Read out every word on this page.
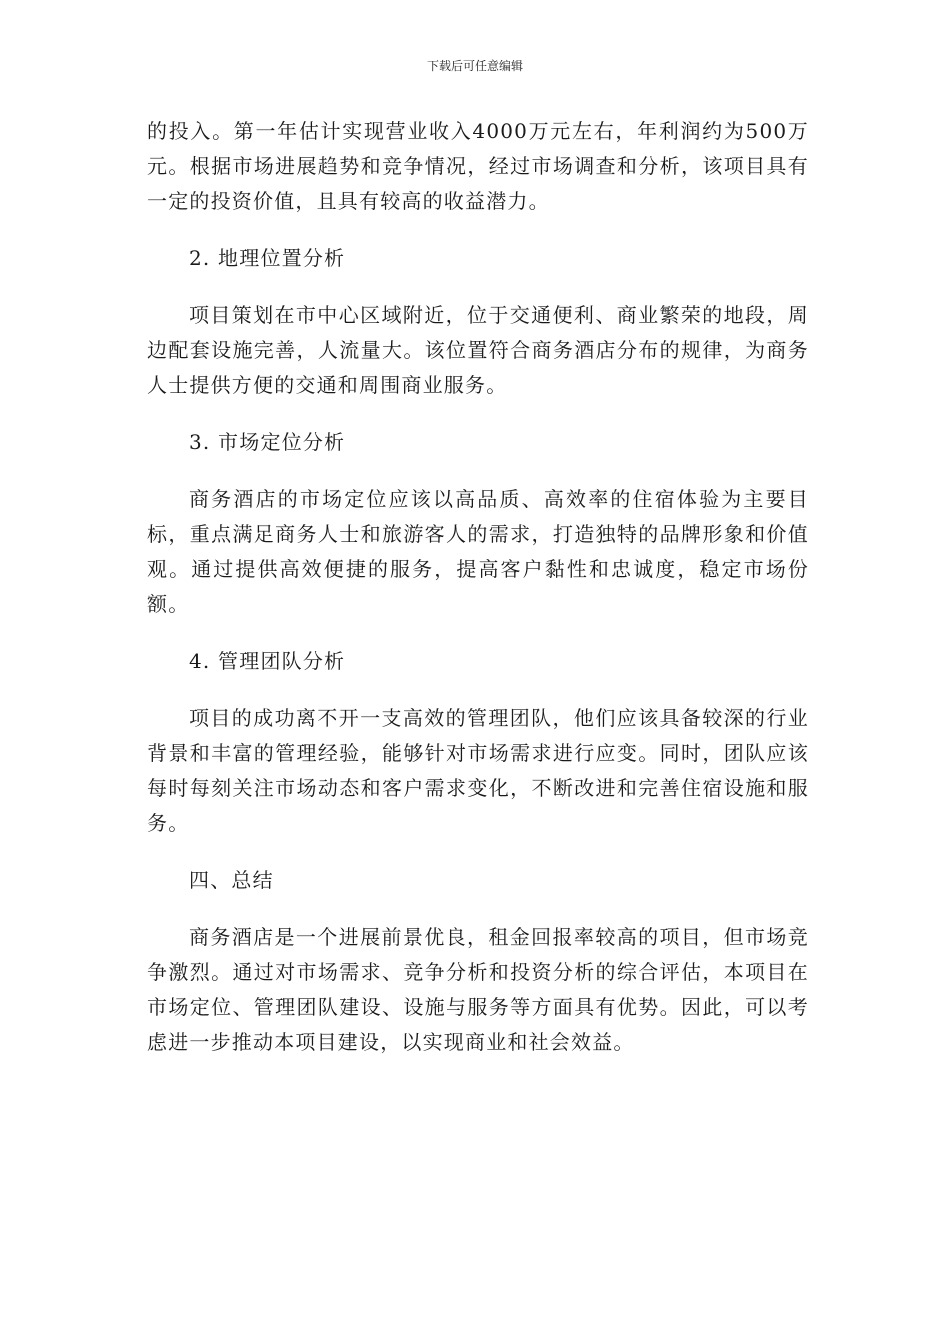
下载后可任意编辑

的投入。第一年估计实现营业收入4000万元左右，年利润约为500万元。根据市场进展趋势和竞争情况，经过市场调查和分析，该项目具有一定的投资价值，且具有较高的收益潜力。

2. 地理位置分析

项目策划在市中心区域附近，位于交通便利、商业繁荣的地段，周边配套设施完善，人流量大。该位置符合商务酒店分布的规律，为商务人士提供方便的交通和周围商业服务。

3. 市场定位分析

商务酒店的市场定位应该以高品质、高效率的住宿体验为主要目标，重点满足商务人士和旅游客人的需求，打造独特的品牌形象和价值观。通过提供高效便捷的服务，提高客户黏性和忠诚度，稳定市场份额。

4. 管理团队分析

项目的成功离不开一支高效的管理团队，他们应该具备较深的行业背景和丰富的管理经验，能够针对市场需求进行应变。同时，团队应该每时每刻关注市场动态和客户需求变化，不断改进和完善住宿设施和服务。

四、总结

商务酒店是一个进展前景优良，租金回报率较高的项目，但市场竞争激烈。通过对市场需求、竞争分析和投资分析的综合评估，本项目在市场定位、管理团队建设、设施与服务等方面具有优势。因此，可以考虑进一步推动本项目建设，以实现商业和社会效益。
